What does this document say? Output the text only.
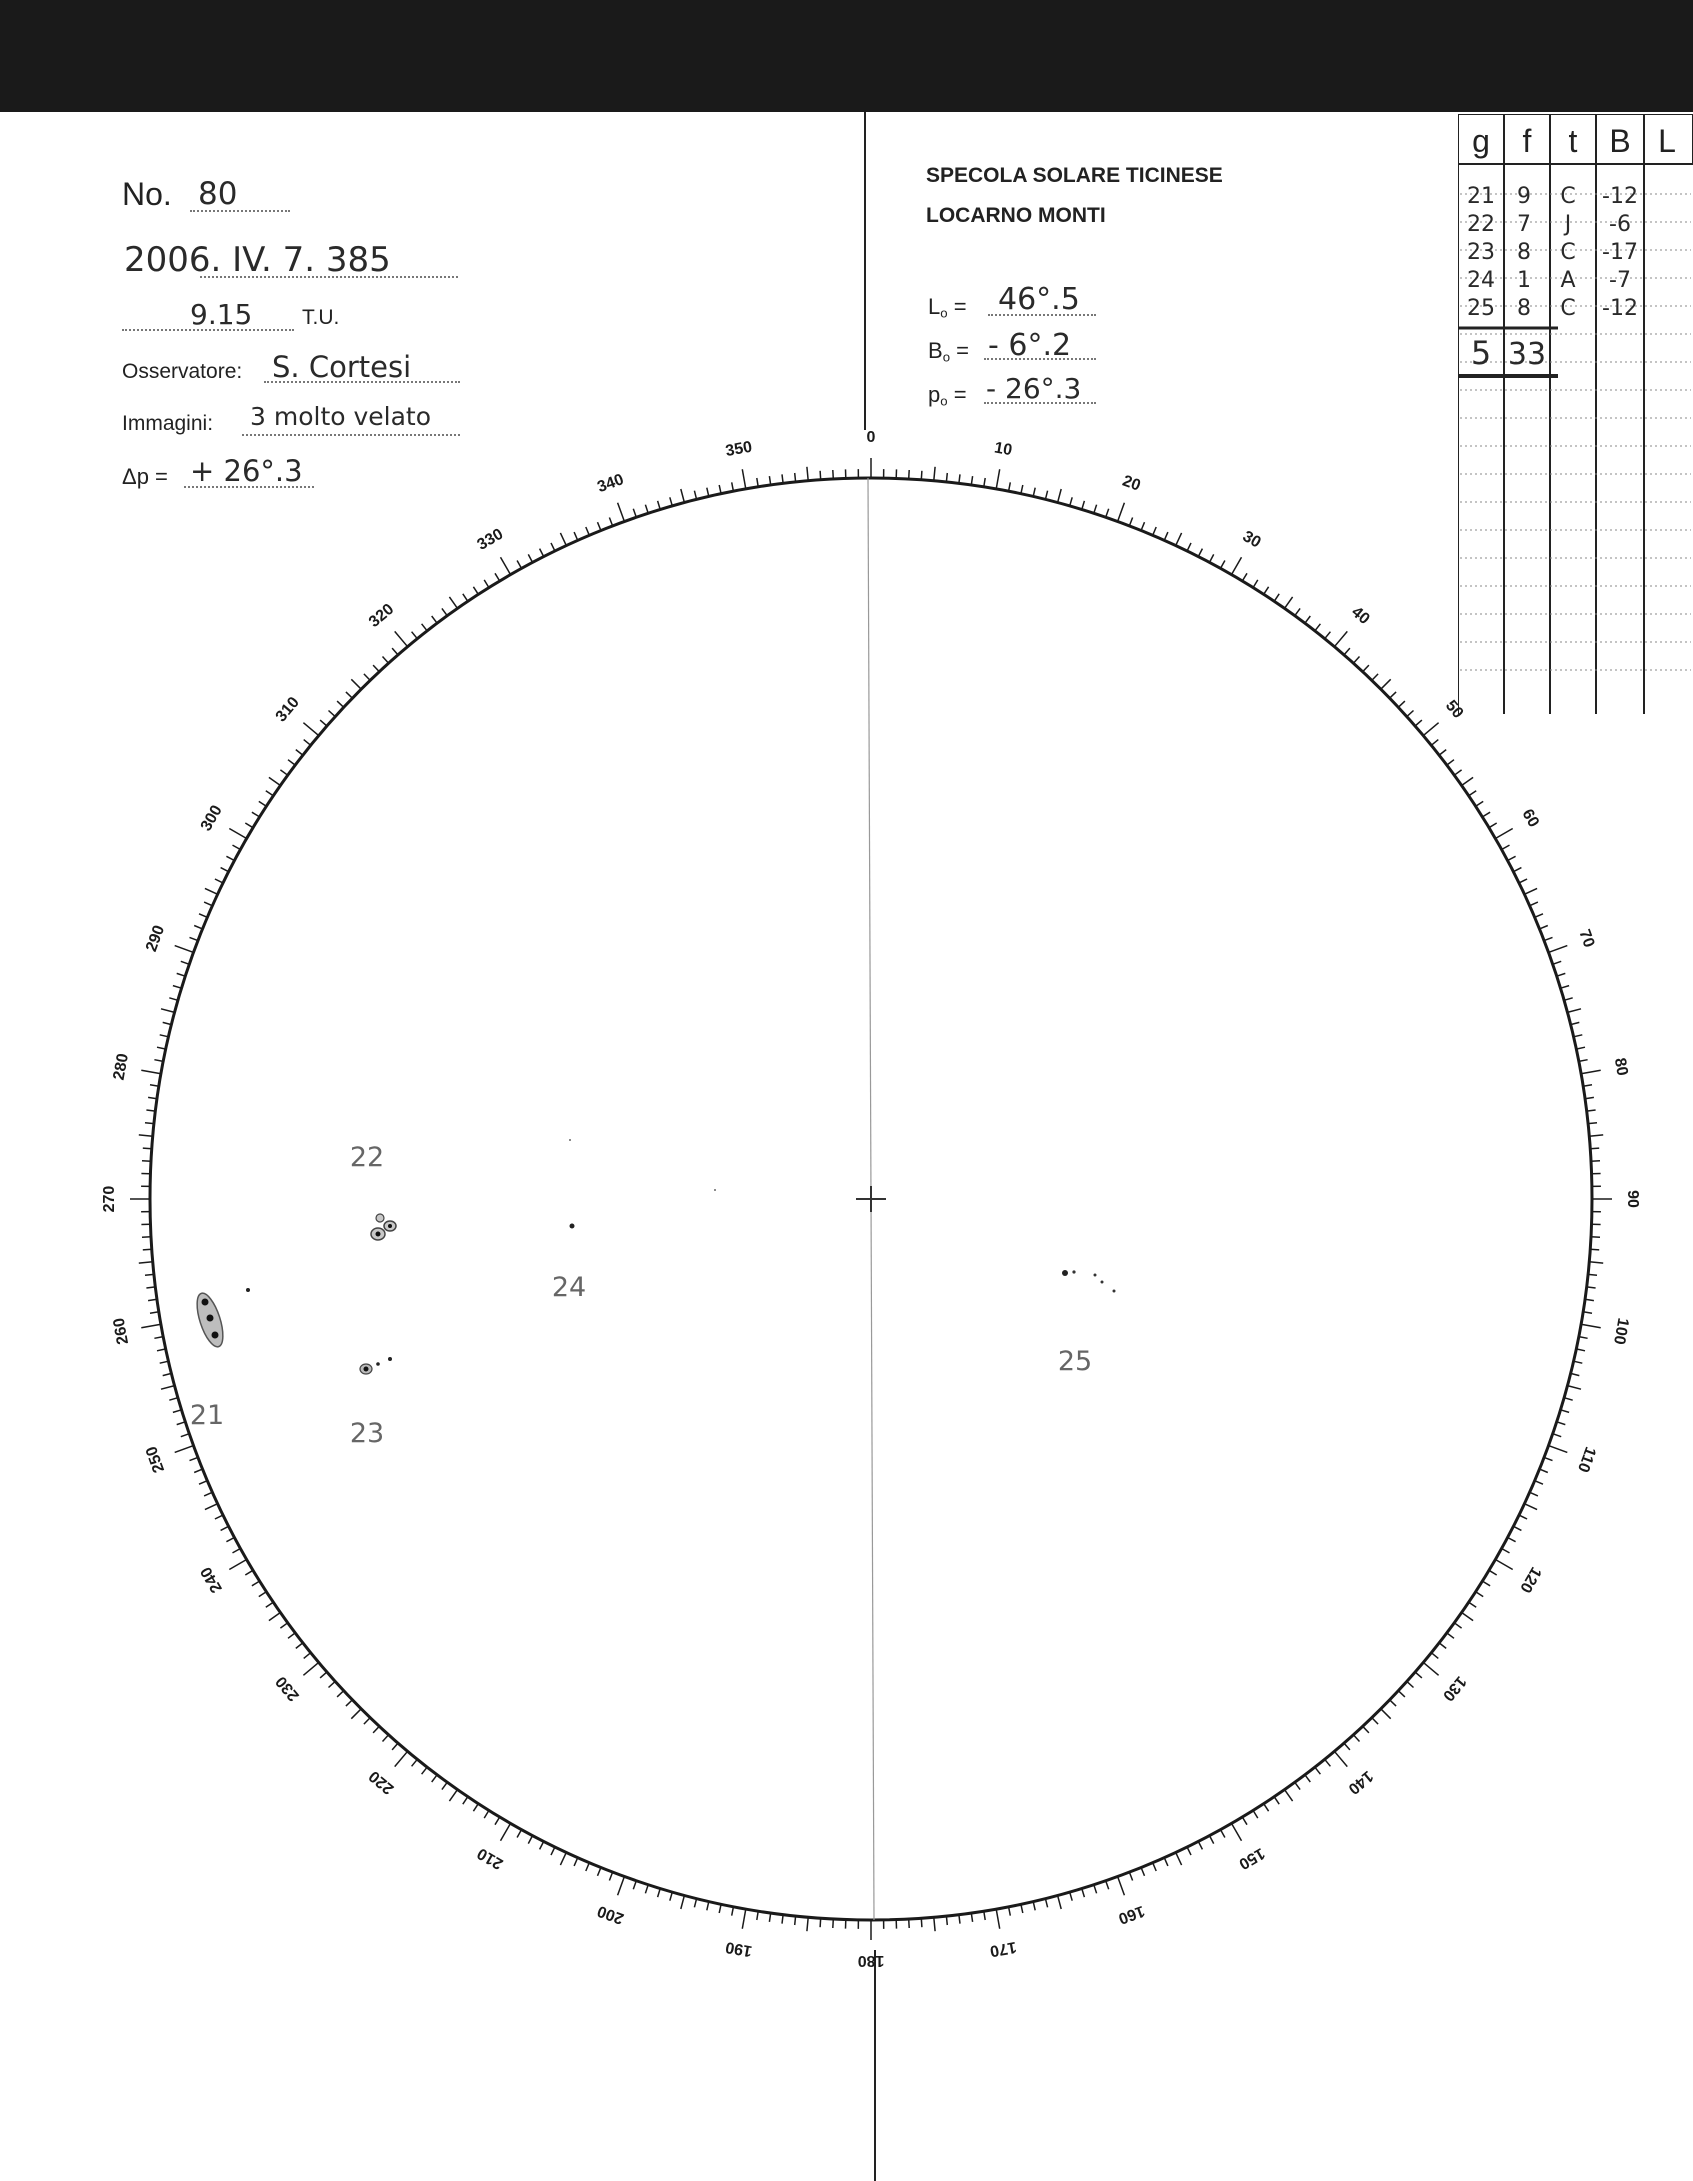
No. 80
2006. IV. 7. 385
9.15 T.U.
Osservatore: S. Cortesi
Immagini: 3 molto velato
Δp = + 26°.3
SPECOLA SOLARE TICINESE
LOCARNO MONTI
$L_o = 46^\circ.5$
$B_o$ = - 6°.2
$p_o$ = - 26°.3
g f t B L
21 9 C -12
22 7 J -6
23 8 C -17
24 1 A -7
25 8 C -12
5 33
0
10
20
30
40
50
60
70
80
90
100
110
120
130
140
150
160
170
180
190
200
210
220
230
240
250
260
270
280
290
300
310
320
330
340
350
21
22
23
24
25
